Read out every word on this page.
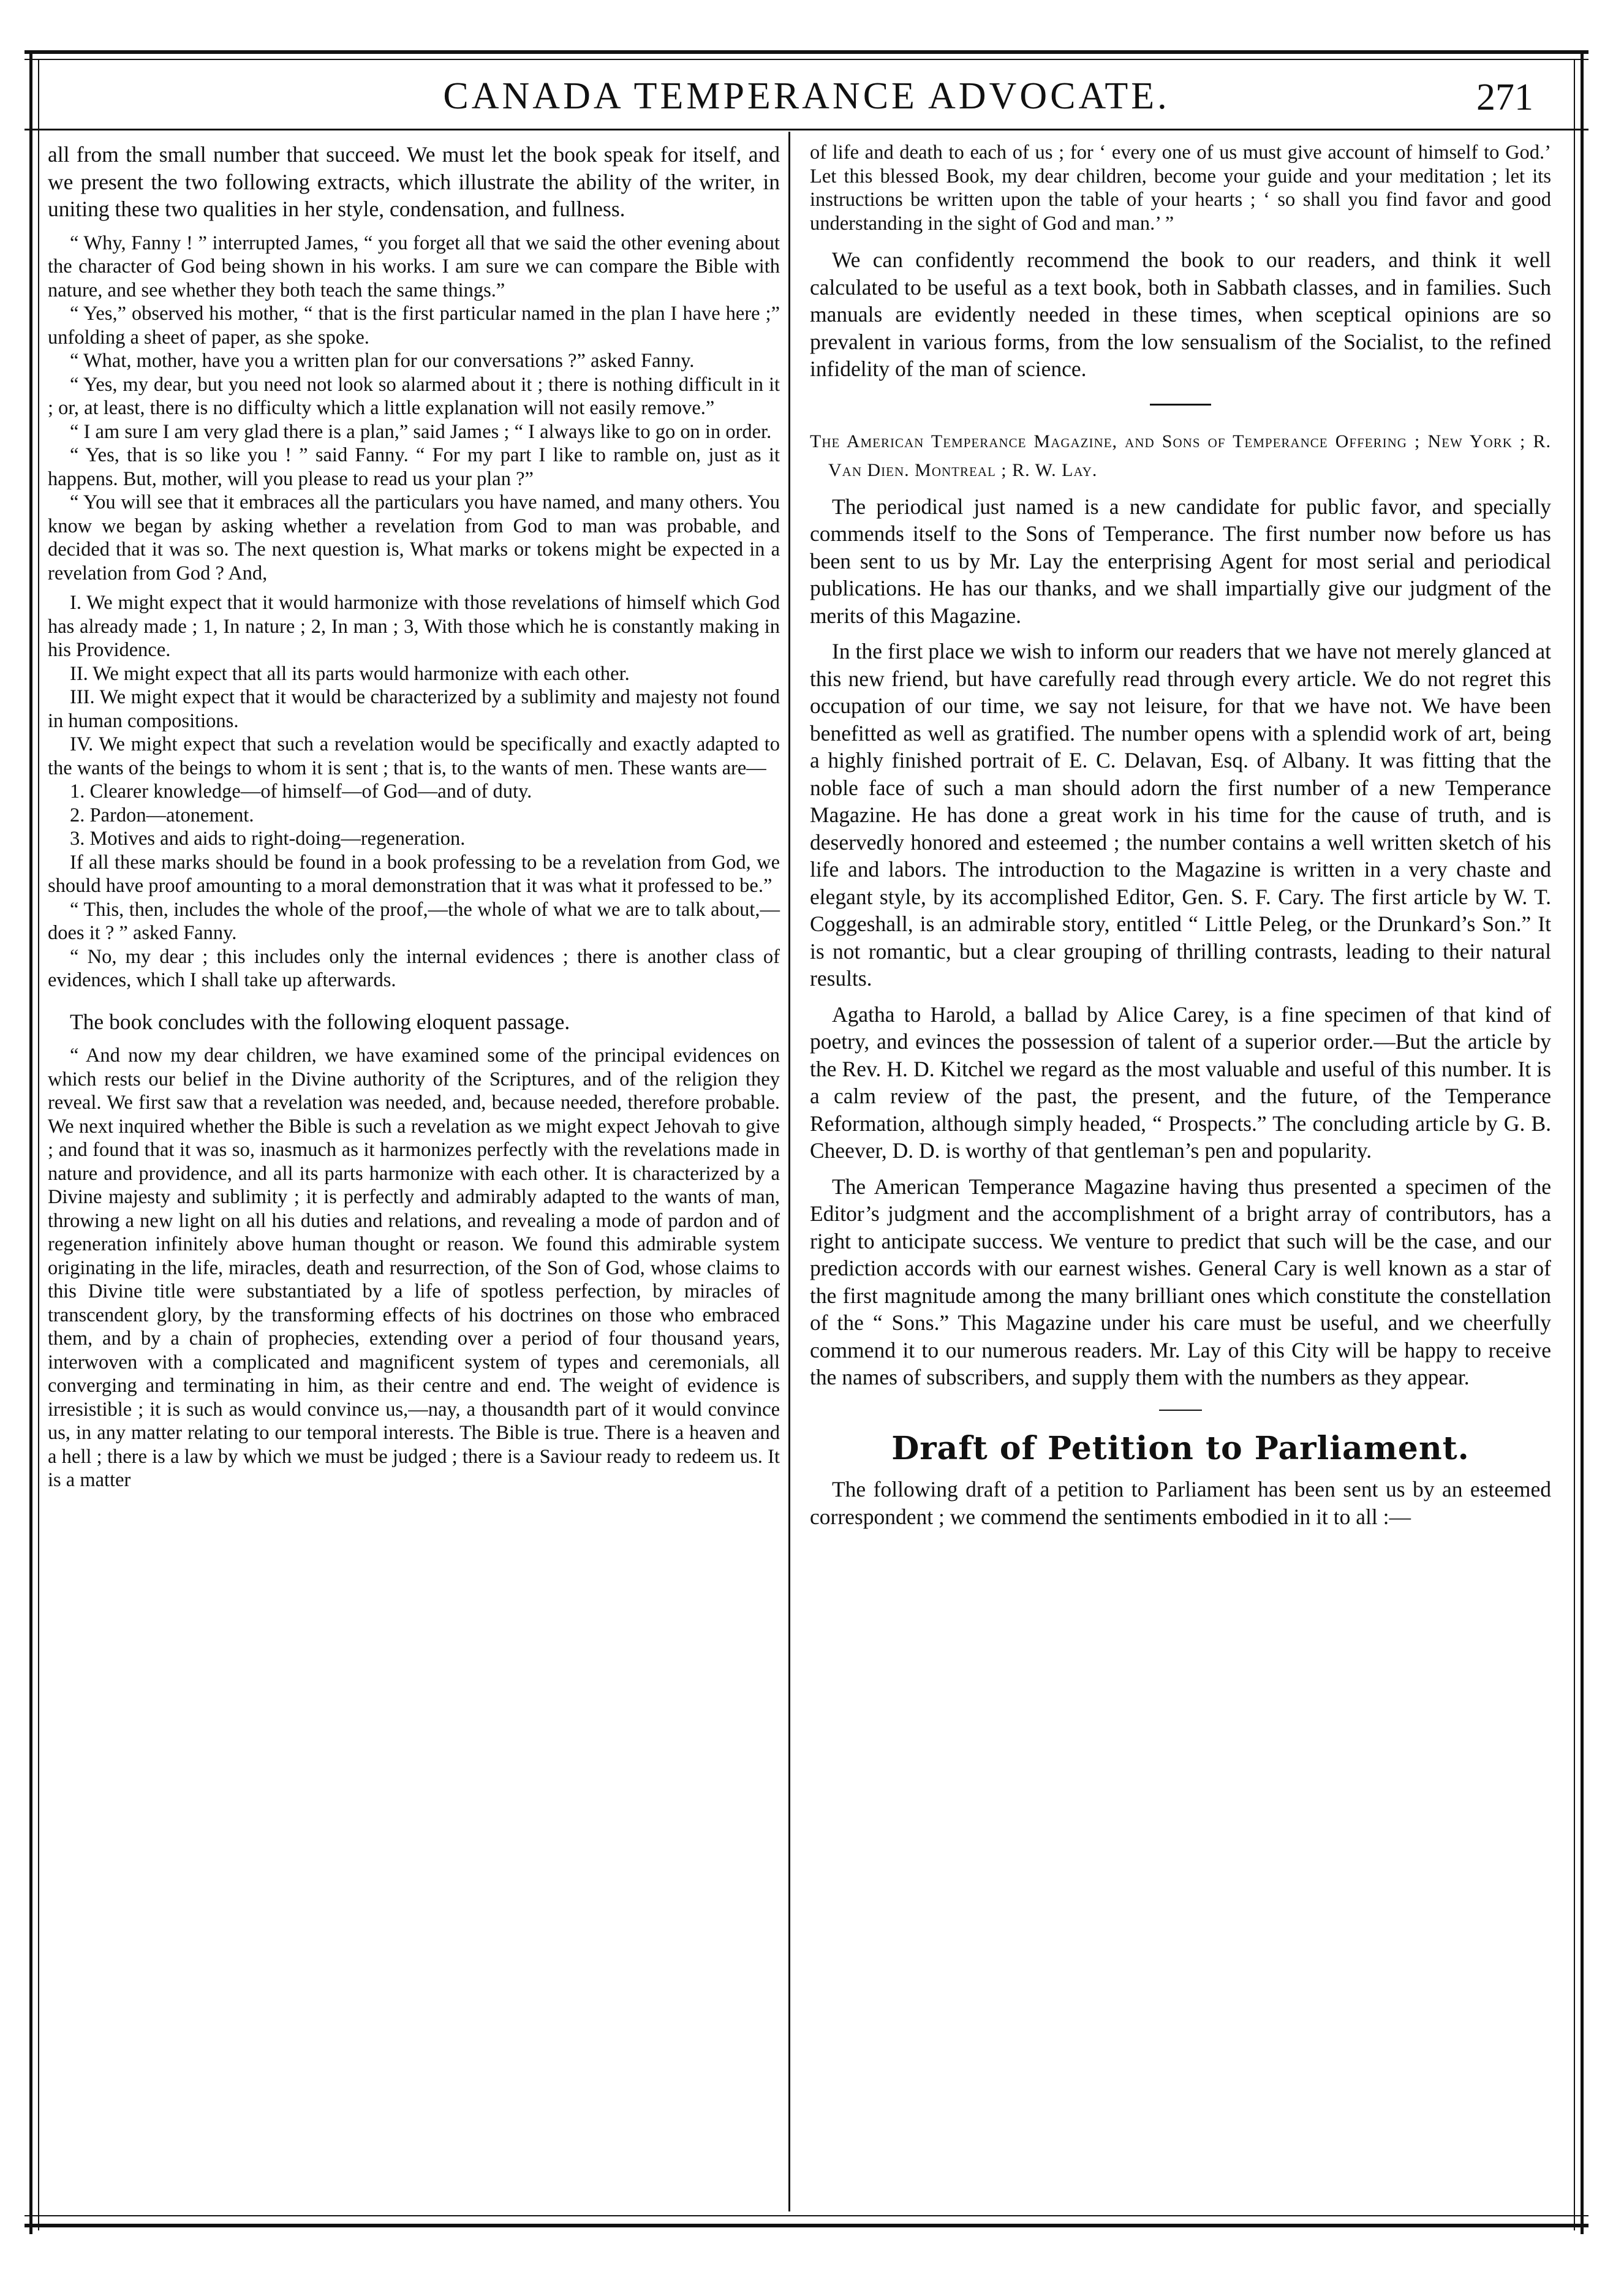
CANADA TEMPERANCE ADVOCATE.	271

all from the small number that succeed. We must let the book speak for itself, and we present the two following extracts, which illustrate the ability of the writer, in uniting these two qualities in her style, condensation, and fullness.

“ Why, Fanny ! ” interrupted James, “ you forget all that we said the other evening about the character of God being shown in his works. I am sure we can compare the Bible with nature, and see whether they both teach the same things.”

“ Yes,” observed his mother, “ that is the first particular named in the plan I have here ;” unfolding a sheet of paper, as she spoke.

“ What, mother, have you a written plan for our conversations ?” asked Fanny.

“ Yes, my dear, but you need not look so alarmed about it ; there is nothing difficult in it ; or, at least, there is no difficulty which a little explanation will not easily remove.”

“ I am sure I am very glad there is a plan,” said James ; “ I always like to go on in order.

“ Yes, that is so like you ! ” said Fanny. “ For my part I like to ramble on, just as it happens. But, mother, will you please to read us your plan ?”

“ You will see that it embraces all the particulars you have named, and many others. You know we began by asking whether a revelation from God to man was probable, and decided that it was so. The next question is, What marks or tokens might be expected in a revelation from God ? And,

I. We might expect that it would harmonize with those revelations of himself which God has already made ; 1, In nature ; 2, In man ; 3, With those which he is constantly making in his Providence.

II. We might expect that all its parts would harmonize with each other.

III. We might expect that it would be characterized by a sublimity and majesty not found in human compositions.

IV. We might expect that such a revelation would be specifically and exactly adapted to the wants of the beings to whom it is sent ; that is, to the wants of men. These wants are—

1. Clearer knowledge—of himself—of God—and of duty.

2. Pardon—atonement.

3. Motives and aids to right-doing—regeneration.

If all these marks should be found in a book professing to be a revelation from God, we should have proof amounting to a moral demonstration that it was what it professed to be.”

“ This, then, includes the whole of the proof,—the whole of what we are to talk about,—does it ? ” asked Fanny.

“ No, my dear ; this includes only the internal evidences ; there is another class of evidences, which I shall take up afterwards.

The book concludes with the following eloquent passage.

“ And now my dear children, we have examined some of the principal evidences on which rests our belief in the Divine authority of the Scriptures, and of the religion they reveal. We first saw that a revelation was needed, and, because needed, therefore probable. We next inquired whether the Bible is such a revelation as we might expect Jehovah to give ; and found that it was so, inasmuch as it harmonizes perfectly with the revelations made in nature and providence, and all its parts harmonize with each other. It is characterized by a Divine majesty and sublimity ; it is perfectly and admirably adapted to the wants of man, throwing a new light on all his duties and relations, and revealing a mode of pardon and of regeneration infinitely above human thought or reason. We found this admirable system originating in the life, miracles, death and resurrection, of the Son of God, whose claims to this Divine title were substantiated by a life of spotless perfection, by miracles of transcendent glory, by the transforming effects of his doctrines on those who embraced them, and by a chain of prophecies, extending over a period of four thousand years, interwoven with a complicated and magnificent system of types and ceremonials, all converging and terminating in him, as their centre and end. The weight of evidence is irresistible ; it is such as would convince us,—nay, a thousandth part of it would convince us, in any matter relating to our temporal interests. The Bible is true. There is a heaven and a hell ; there is a law by which we must be judged ; there is a Saviour ready to redeem us. It is a matter

of life and death to each of us ; for ‘ every one of us must give account of himself to God.’ Let this blessed Book, my dear children, become your guide and your meditation ; let its instructions be written upon the table of your hearts ; ‘ so shall you find favor and good understanding in the sight of God and man.’ ”

We can confidently recommend the book to our readers, and think it well calculated to be useful as a text book, both in Sabbath classes, and in families. Such manuals are evidently needed in these times, when sceptical opinions are so prevalent in various forms, from the low sensualism of the Socialist, to the refined infidelity of the man of science.

The American Temperance Magazine, and Sons of Temperance Offering ; New York ; R. Van Dien. Montreal ; R. W. Lay.

The periodical just named is a new candidate for public favor, and specially commends itself to the Sons of Temperance. The first number now before us has been sent to us by Mr. Lay the enterprising Agent for most serial and periodical publications. He has our thanks, and we shall impartially give our judgment of the merits of this Magazine.

In the first place we wish to inform our readers that we have not merely glanced at this new friend, but have carefully read through every article. We do not regret this occupation of our time, we say not leisure, for that we have not. We have been benefitted as well as gratified. The number opens with a splendid work of art, being a highly finished portrait of E. C. Delavan, Esq. of Albany. It was fitting that the noble face of such a man should adorn the first number of a new Temperance Magazine. He has done a great work in his time for the cause of truth, and is deservedly honored and esteemed ; the number contains a well written sketch of his life and labors. The introduction to the Magazine is written in a very chaste and elegant style, by its accomplished Editor, Gen. S. F. Cary. The first article by W. T. Coggeshall, is an admirable story, entitled “ Little Peleg, or the Drunkard’s Son.” It is not romantic, but a clear grouping of thrilling contrasts, leading to their natural results.

Agatha to Harold, a ballad by Alice Carey, is a fine specimen of that kind of poetry, and evinces the possession of talent of a superior order.—But the article by the Rev. H. D. Kitchel we regard as the most valuable and useful of this number. It is a calm review of the past, the present, and the future, of the Temperance Reformation, although simply headed, “ Prospects.” The concluding article by G. B. Cheever, D. D. is worthy of that gentleman’s pen and popularity.

The American Temperance Magazine having thus presented a specimen of the Editor’s judgment and the accomplishment of a bright array of contributors, has a right to anticipate success. We venture to predict that such will be the case, and our prediction accords with our earnest wishes. General Cary is well known as a star of the first magnitude among the many brilliant ones which constitute the constellation of the “ Sons.” This Magazine under his care must be useful, and we cheerfully commend it to our numerous readers. Mr. Lay of this City will be happy to receive the names of subscribers, and supply them with the numbers as they appear.

Draft of Petition to Parliament.

The following draft of a petition to Parliament has been sent us by an esteemed correspondent ; we commend the sentiments embodied in it to all :—
